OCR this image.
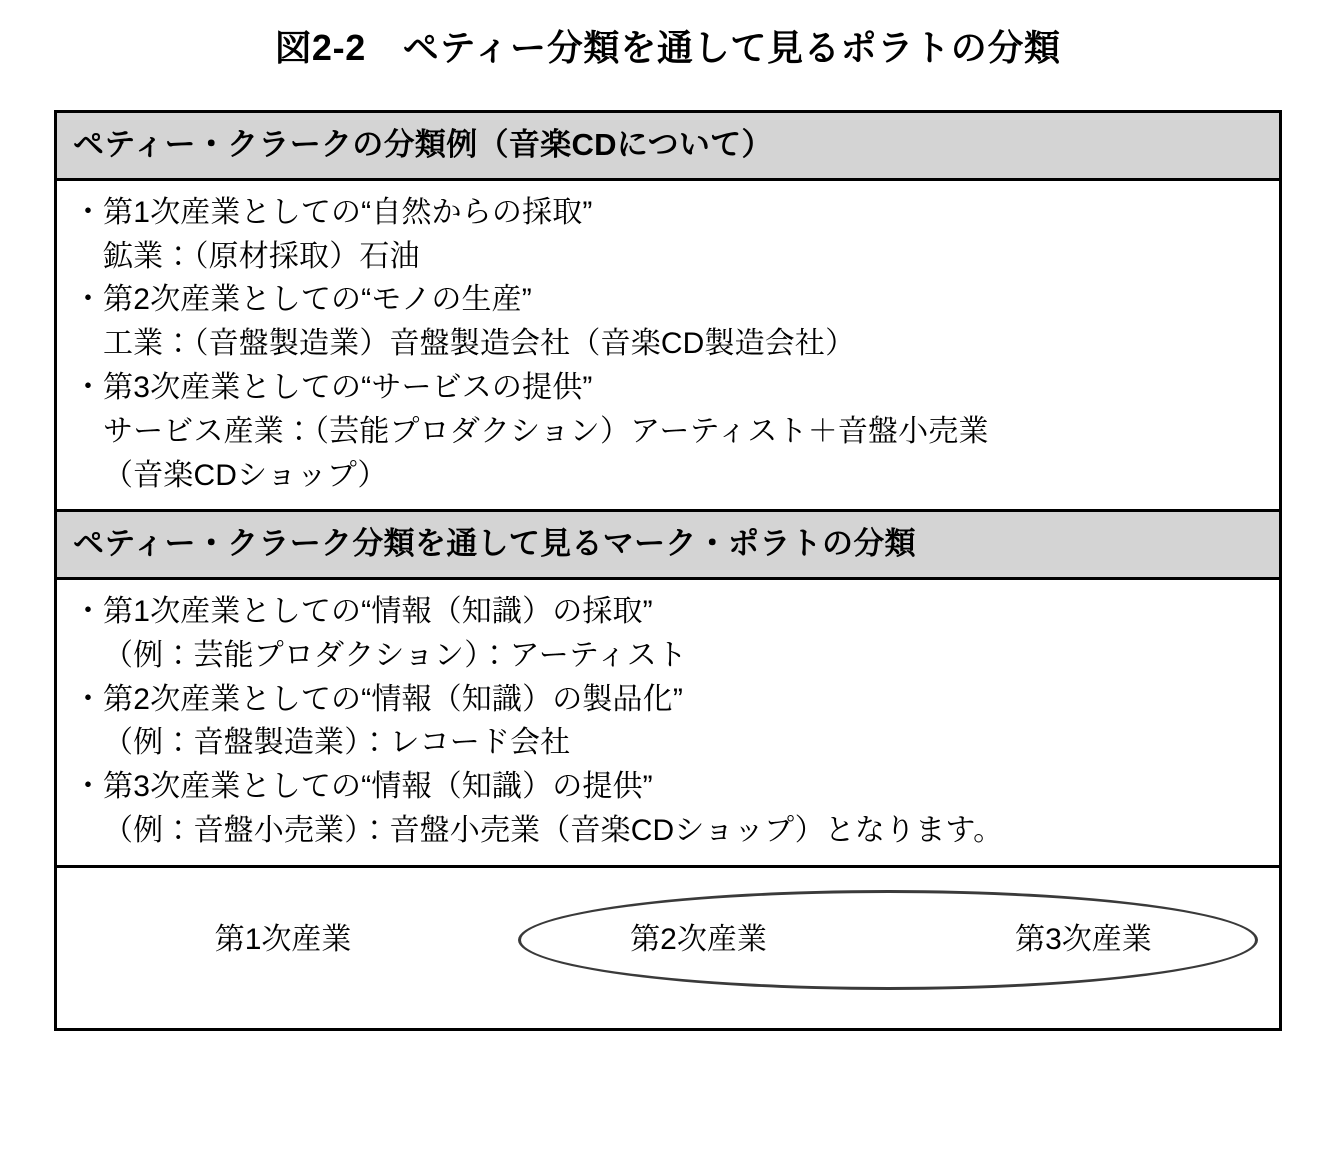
図2-2　ペティー分類を通して見るポラトの分類
ペティー・クラークの分類例（音楽CDについて）
・第1次産業としての“自然からの採取”
鉱業：（原材採取）石油
・第2次産業としての“モノの生産”
工業：（音盤製造業）音盤製造会社（音楽CD製造会社）
・第3次産業としての“サービスの提供”
サービス産業：（芸能プロダクション）アーティスト＋音盤小売業
（音楽CDショップ）
ペティー・クラーク分類を通して見るマーク・ポラトの分類
・第1次産業としての“情報（知識）の採取”
（例：芸能プロダクション）：アーティスト
・第2次産業としての“情報（知識）の製品化”
（例：音盤製造業）：レコード会社
・第3次産業としての“情報（知識）の提供”
（例：音盤小売業）：音盤小売業（音楽CDショップ）となります。
第1次産業	第2次産業	第3次産業
